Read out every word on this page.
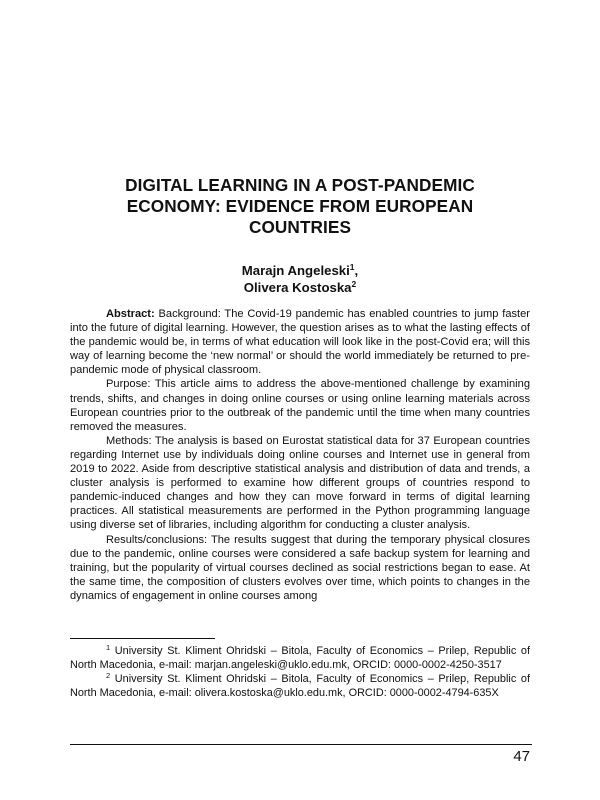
DIGITAL LEARNING IN A POST-PANDEMIC
ECONOMY: EVIDENCE FROM EUROPEAN
COUNTRIES
Marajn Angeleski$^1$,
Olivera Kostoska$^2$

Abstract: Background: The Covid-19 pandemic has enabled countries to jump faster into the future of digital learning. However, the question arises as to what the lasting effects of the pandemic would be, in terms of what education will look like in the post-Covid era; will this way of learning become the ‘new normal’ or should the world immediately be returned to pre-pandemic mode of physical classroom.

Purpose: This article aims to address the above-mentioned challenge by examining trends, shifts, and changes in doing online courses or using online learning materials across European countries prior to the outbreak of the pandemic until the time when many countries removed the measures.

Methods: The analysis is based on Eurostat statistical data for 37 European countries regarding Internet use by individuals doing online courses and Internet use in general from 2019 to 2022. Aside from descriptive statistical analysis and distribution of data and trends, a cluster analysis is performed to examine how different groups of countries respond to pandemic-induced changes and how they can move forward in terms of digital learning practices. All statistical measurements are performed in the Python programming language using diverse set of libraries, including algorithm for conducting a cluster analysis.

Results/conclusions: The results suggest that during the temporary physical closures due to the pandemic, online courses were considered a safe backup system for learning and training, but the popularity of virtual courses declined as social restrictions began to ease. At the same time, the composition of clusters evolves over time, which points to changes in the dynamics of engagement in online courses among

$^1$ University St. Kliment Ohridski – Bitola, Faculty of Economics – Prilep, Republic of North Macedonia, e-mail: marjan.angeleski@uklo.edu.mk, ORCID: 0000-0002-4250-3517

$^2$ University St. Kliment Ohridski – Bitola, Faculty of Economics – Prilep, Republic of North Macedonia, e-mail: olivera.kostoska@uklo.edu.mk, ORCID: 0000-0002-4794-635X

47
